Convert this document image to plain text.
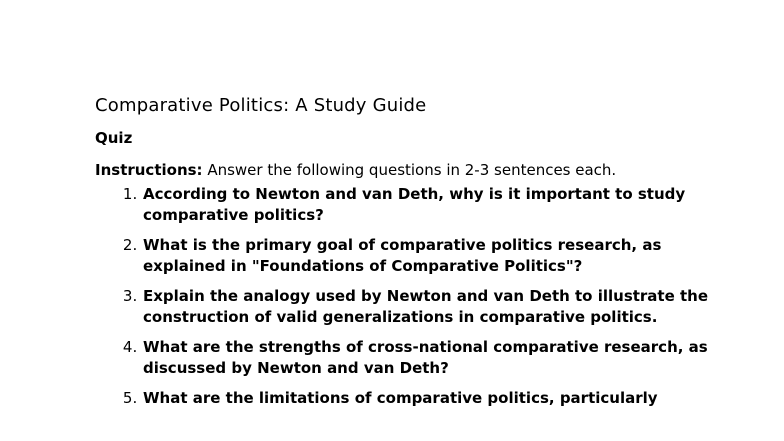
Comparative Politics: A Study Guide
Quiz

Instructions: Answer the following questions in 2-3 sentences each.

1. According to Newton and van Deth, why is it important to study comparative politics?
2. What is the primary goal of comparative politics research, as explained in "Foundations of Comparative Politics"?
3. Explain the analogy used by Newton and van Deth to illustrate the construction of valid generalizations in comparative politics.
4. What are the strengths of cross-national comparative research, as discussed by Newton and van Deth?
5. What are the limitations of comparative politics, particularly
